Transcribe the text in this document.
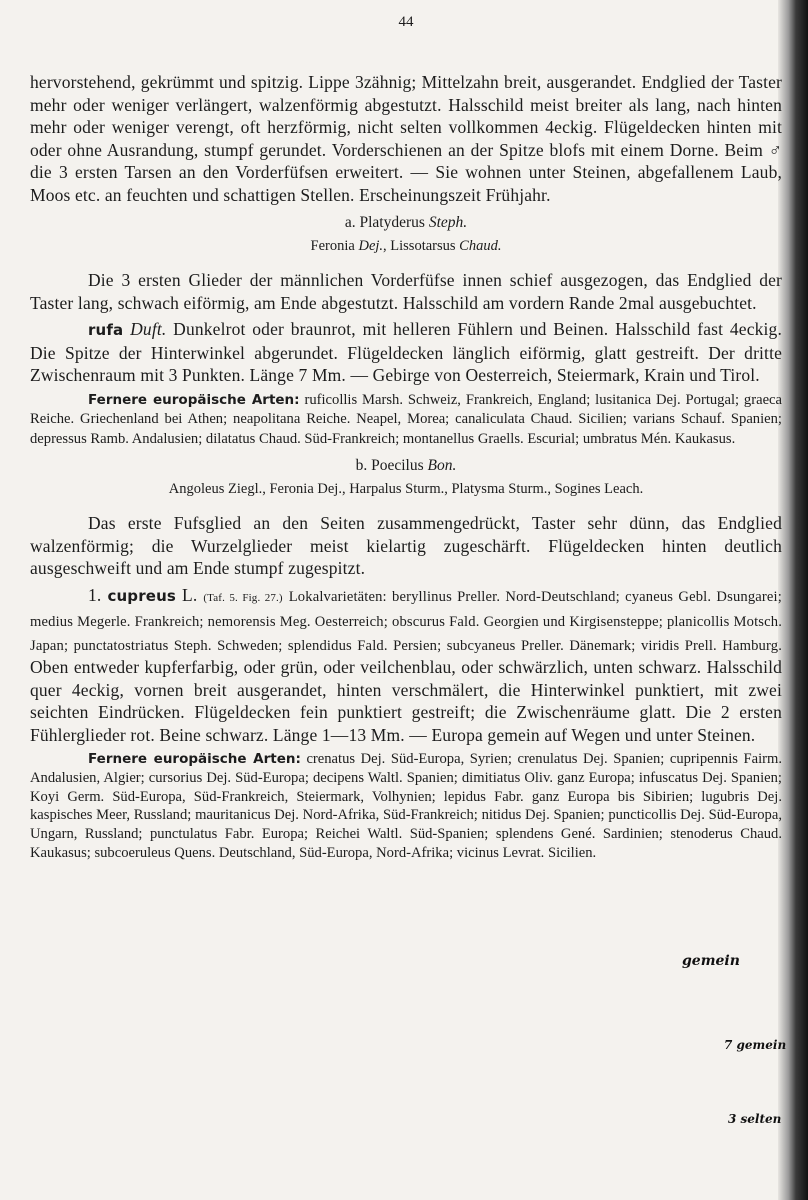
44

hervorstehend, gekrümmt und spitzig. Lippe 3zähnig; Mittelzahn breit, ausgerandet. Endglied der Taster mehr oder weniger verlängert, walzenförmig abgestutzt. Halsschild meist breiter als lang, nach hinten mehr oder weniger verengt, oft herzförmig, nicht selten vollkommen 4eckig. Flügeldecken hinten mit oder ohne Ausrandung, stumpf gerundet. Vorderschienen an der Spitze blofs mit einem Dorne. Beim ♂ die 3 ersten Tarsen an den Vorderfüfsen erweitert. — Sie wohnen unter Steinen, abgefallenem Laub, Moos etc. an feuchten und schattigen Stellen. Erscheinungszeit Frühjahr.

a. Platyderus Steph.
Feronia Dej., Lissotarsus Chaud.

Die 3 ersten Glieder der männlichen Vorderfüfse innen schief ausgezogen, das Endglied der Taster lang, schwach eiförmig, am Ende abgestutzt. Halsschild am vordern Rande 2mal ausgebuchtet.

rufa Duft. Dunkelrot oder braunrot, mit helleren Fühlern und Beinen. Halsschild fast 4eckig. Die Spitze der Hinterwinkel abgerundet. Flügeldecken länglich eiförmig, glatt gestreift. Der dritte Zwischenraum mit 3 Punkten. Länge 7 Mm. — Gebirge von Oesterreich, Steiermark, Krain und Tirol.

Fernere europäische Arten: ruficollis Marsh. Schweiz, Frankreich, England; lusitanica Dej. Portugal; graeca Reiche. Griechenland bei Athen; neapolitana Reiche. Neapel, Morea; canaliculata Chaud. Sicilien; varians Schauf. Spanien; depressus Ramb. Andalusien; dilatatus Chaud. Süd-Frankreich; montanellus Graells. Escurial; umbratus Mén. Kaukasus.

b. Poecilus Bon.
Angoleus Ziegl., Feronia Dej., Harpalus Sturm., Platysma Sturm., Sogines Leach.

Das erste Fufsglied an den Seiten zusammengedrückt, Taster sehr dünn, das Endglied walzenförmig; die Wurzelglieder meist kielartig zugeschärft. Flügeldecken hinten deutlich ausgeschweift und am Ende stumpf zugespitzt.

1. cupreus L. (Taf. 5. Fig. 27.) Lokalvarietäten: beryllinus Preller. Nord-Deutschland; cyaneus Gebl. Dsungarei; medius Megerle. Frankreich; nemorensis Meg. Oesterreich; obscurus Fald. Georgien und Kirgisensteppe; planicollis Motsch. Japan; punctatostriatus Steph. Schweden; splendidus Fald. Persien; subcyaneus Preller. Dänemark; viridis Prell. Hamburg. Oben entweder kupferfarbig, oder grün, oder veilchenblau, oder schwärzlich, unten schwarz. Halsschild quer 4eckig, vornen breit ausgerandet, hinten verschmälert, die Hinterwinkel punktiert, mit zwei seichten Eindrücken. Flügeldecken fein punktiert gestreift; die Zwischenräume glatt. Die 2 ersten Fühlerglieder rot. Beine schwarz. Länge 1—13 Mm. — Europa gemein auf Wegen und unter Steinen.

Fernere europäische Arten: crenatus Dej. Süd-Europa, Syrien; crenulatus Dej. Spanien; cupripennis Fairm. Andalusien, Algier; cursorius Dej. Süd-Europa; decipens Waltl. Spanien; dimitiatus Oliv. ganz Europa; infuscatus Dej. Spanien; Koyi Germ. Süd-Europa, Süd-Frankreich, Steiermark, Volhynien; lepidus Fabr. ganz Europa bis Sibirien; lugubris Dej. kaspisches Meer, Russland; mauritanicus Dej. Nord-Afrika, Süd-Frankreich; nitidus Dej. Spanien; puncticollis Dej. Süd-Europa, Ungarn, Russland; punctulatus Fabr. Europa; Reichei Waltl. Süd-Spanien; splendens Gené. Sardinien; stenoderus Chaud. Kaukasus; subcoeruleus Quens. Deutschland, Süd-Europa, Nord-Afrika; vicinus Levrat. Sicilien.

gemein
7 gemein
3 selten
